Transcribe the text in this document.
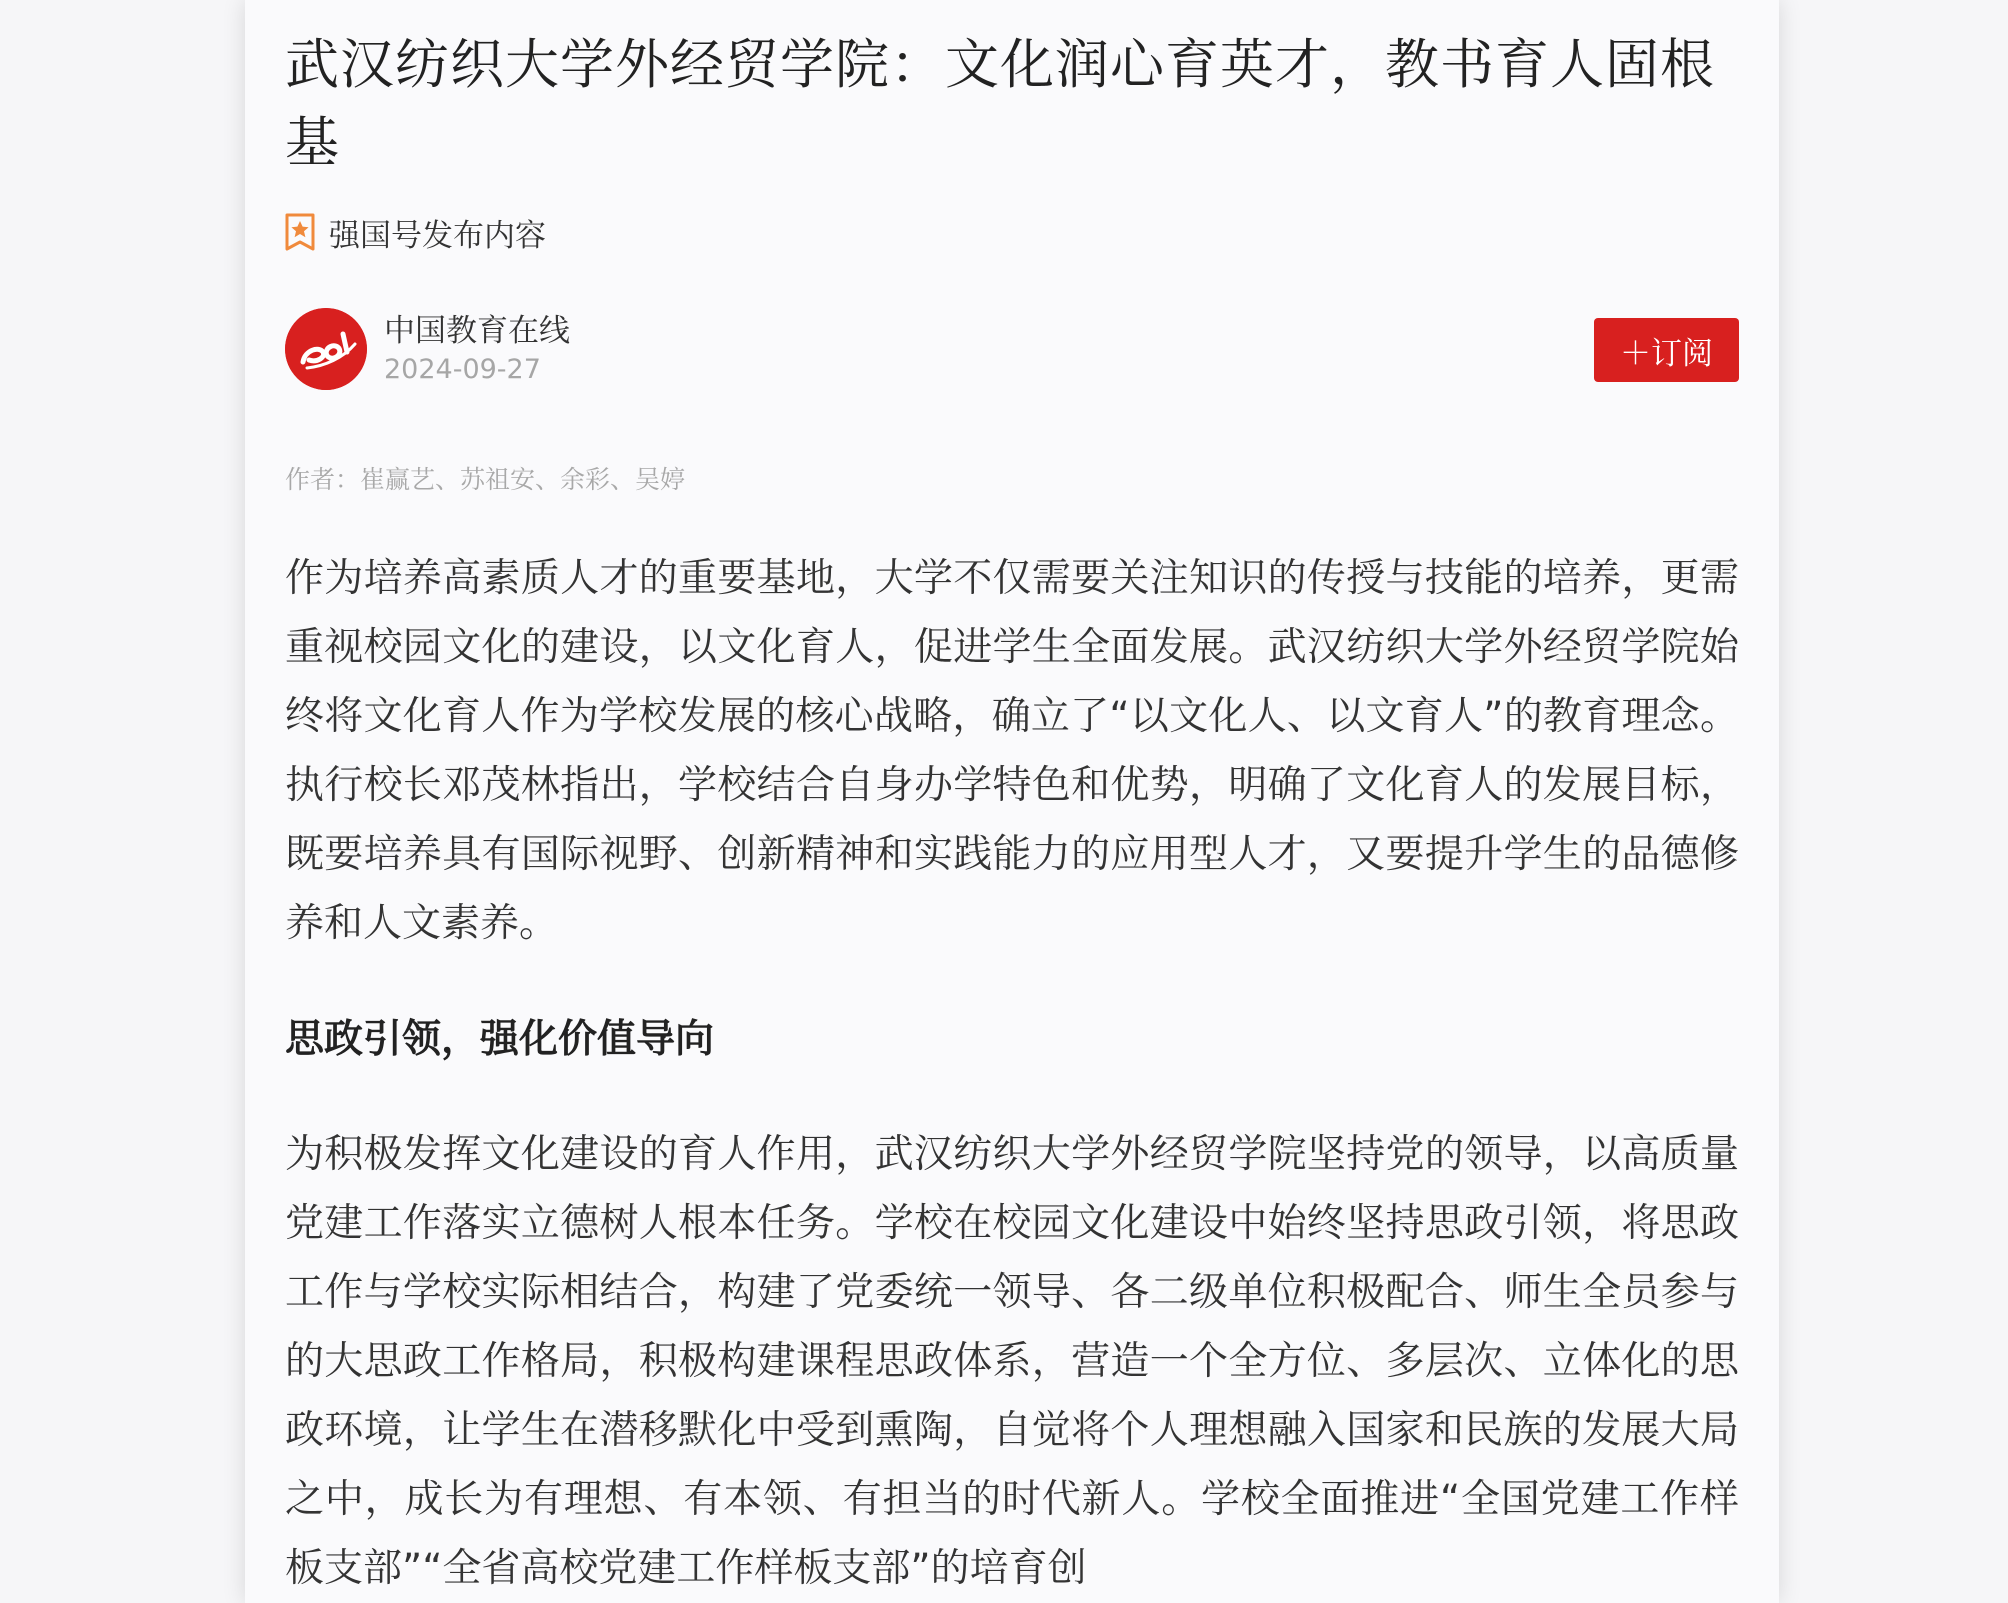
武汉纺织大学外经贸学院：文化润心育英才，教书育人固根基
强国号发布内容
中国教育在线
2024-09-27	＋订阅
作者：崔赢艺、苏祖安、余彩、吴婷

作为培养高素质人才的重要基地，大学不仅需要关注知识的传授与技能的培养，更需重视校园文化的建设，以文化育人，促进学生全面发展。武汉纺织大学外经贸学院始终将文化育人作为学校发展的核心战略，确立了“以文化人、以文育人”的教育理念。执行校长邓茂林指出，学校结合自身办学特色和优势，明确了文化育人的发展目标，既要培养具有国际视野、创新精神和实践能力的应用型人才，又要提升学生的品德修养和人文素养。

思政引领，强化价值导向

为积极发挥文化建设的育人作用，武汉纺织大学外经贸学院坚持党的领导，以高质量党建工作落实立德树人根本任务。学校在校园文化建设中始终坚持思政引领，将思政工作与学校实际相结合，构建了党委统一领导、各二级单位积极配合、师生全员参与的大思政工作格局，积极构建课程思政体系，营造一个全方位、多层次、立体化的思政环境，让学生在潜移默化中受到熏陶，自觉将个人理想融入国家和民族的发展大局之中，成长为有理想、有本领、有担当的时代新人。学校全面推进“全国党建工作样板支部”“全省高校党建工作样板支部”的培育创
